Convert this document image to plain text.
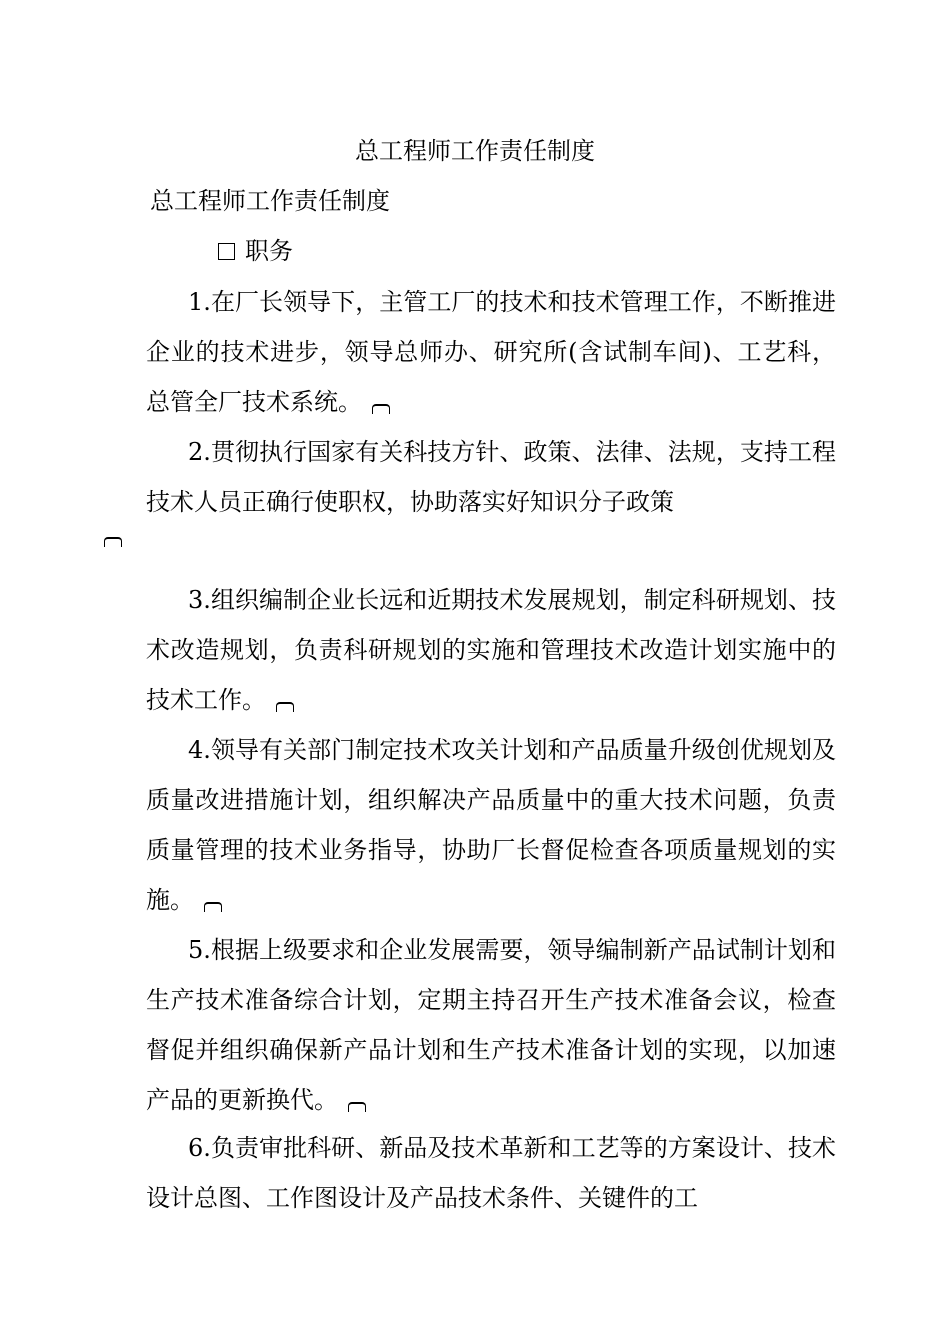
总工程师工作责任制度
总工程师工作责任制度
职务

1.在厂长领导下，主管工厂的技术和技术管理工作，不断推进企业的技术进步，领导总师办、研究所(含试制车间)、工艺科，总管全厂技术系统。

2.贯彻执行国家有关科技方针、政策、法律、法规，支持工程技术人员正确行使职权，协助落实好知识分子政策

3.组织编制企业长远和近期技术发展规划，制定科研规划、技术改造规划，负责科研规划的实施和管理技术改造计划实施中的技术工作。

4.领导有关部门制定技术攻关计划和产品质量升级创优规划及质量改进措施计划，组织解决产品质量中的重大技术问题，负责质量管理的技术业务指导，协助厂长督促检查各项质量规划的实施。

5.根据上级要求和企业发展需要，领导编制新产品试制计划和生产技术准备综合计划，定期主持召开生产技术准备会议，检查督促并组织确保新产品计划和生产技术准备计划的实现，以加速产品的更新换代。

6.负责审批科研、新品及技术革新和工艺等的方案设计、技术设计总图、工作图设计及产品技术条件、关键件的工
